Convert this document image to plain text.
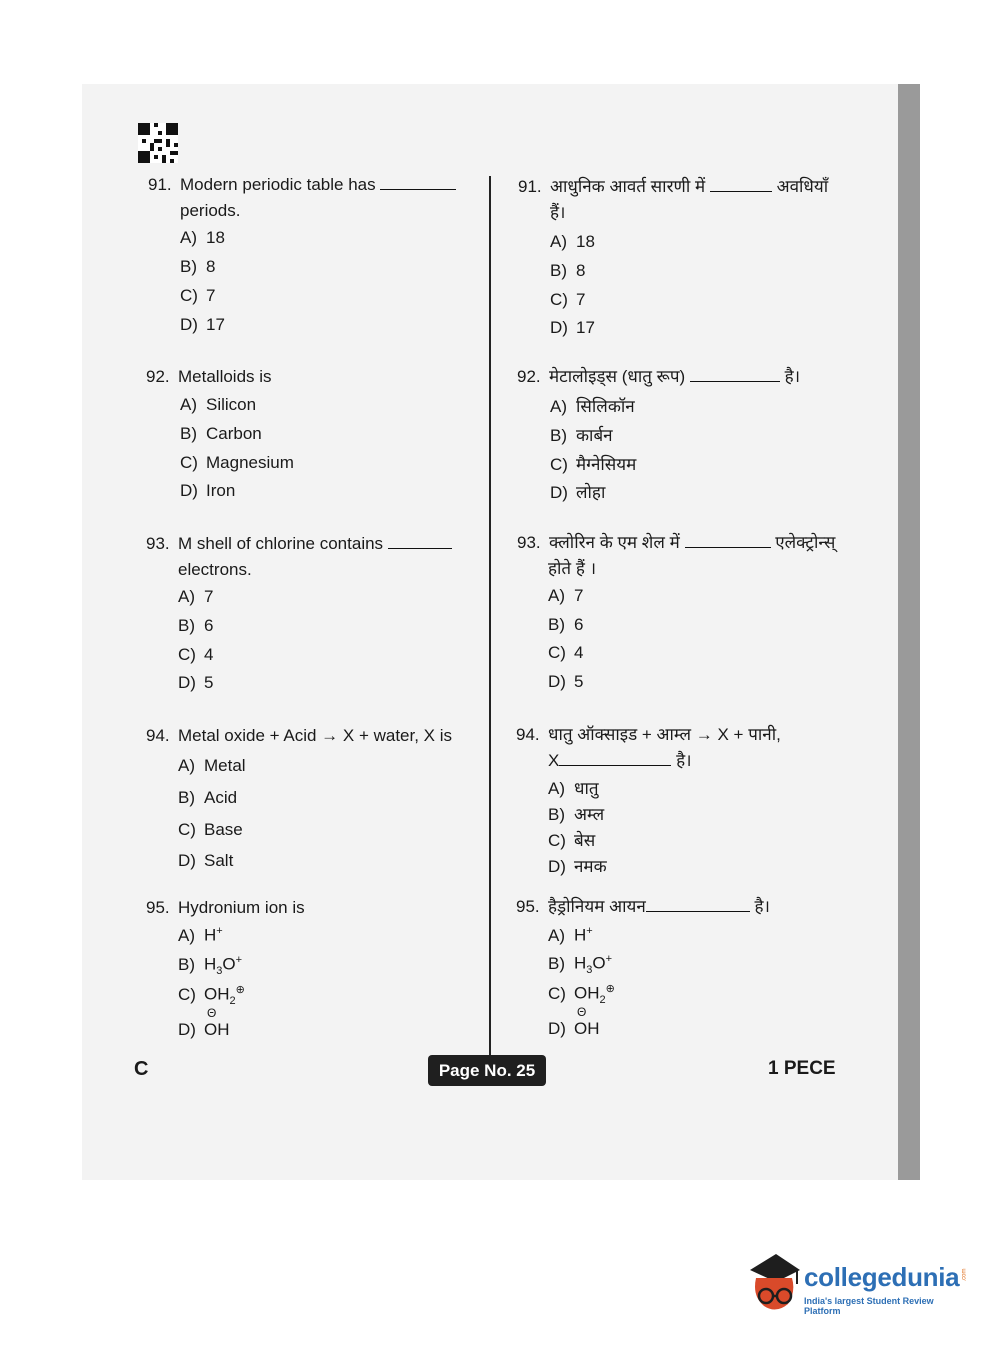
91. Modern periodic table has
periods.
A) 18
B) 8
C) 7
D) 17
92. Metalloids is
A) Silicon
B) Carbon
C) Magnesium
D) Iron
93. M shell of chlorine contains
electrons.
A) 7
B) 6
C) 4
D) 5
94. Metal oxide + Acid → X + water, X is
A) Metal
B) Acid
C) Base
D) Salt
95. Hydronium ion is
A) H+
B) $H_3O^+$
C) $OH_2^\oplus$
D)
Θ
OH
91. आधुनिक आवर्त सारणी में	अवधियाँ
हैं।
A) 18
B) 8
C) 7
D) 17
92. मेटालोइड्स (धातु रूप)	है।
A) सिलिकॉन
B) कार्बन
C) मैग्नेसियम
D) लोहा
93. क्लोरिन के एम शेल में	एलेक्ट्रोन्स्
होते हैं ।
A) 7
B) 6
C) 4
D) 5
94. धातु ऑक्साइड + आम्ल → X + पानी,
X	है।
A) धातु
B) अम्ल
C) बेस
D) नमक
95. हैड्रोनियम आयन	है।
A) H+
B) $H_3O^+$
C) $OH_2^\oplus$
D)
Θ
OH
C	Page No. 25	1 PECE
collegedunia .com
India's largest Student Review Platform
